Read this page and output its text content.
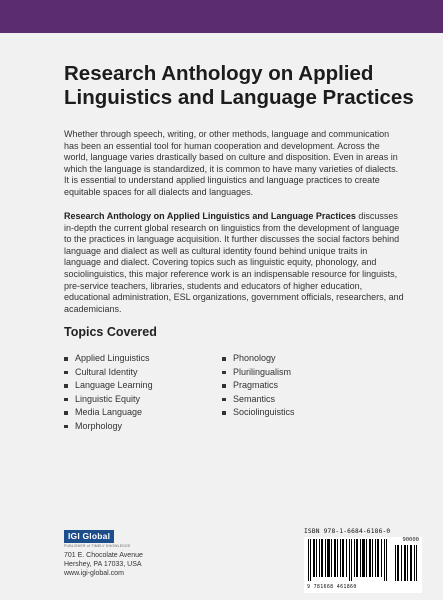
Research Anthology on Applied Linguistics and Language Practices

Whether through speech, writing, or other methods, language and communication has been an essential tool for human cooperation and development. Across the world, language varies drastically based on culture and disposition. Even in areas in which the language is standardized, it is common to have many varieties of dialects. It is essential to understand applied linguistics and language practices to create equitable spaces for all dialects and languages.

Research Anthology on Applied Linguistics and Language Practices discusses in-depth the current global research on linguistics from the development of language to the practices in language acquisition. It further discusses the social factors behind language and dialect as well as cultural identity found behind unique traits in language and dialect. Covering topics such as linguistic equity, phonology, and sociolinguistics, this major reference work is an indispensable resource for linguists, pre-service teachers, libraries, students and educators of higher education, educational administration, ESL organizations, government officials, researchers, and academicians.

Topics Covered
Applied Linguistics
Cultural Identity
Language Learning
Linguistic Equity
Media Language
Morphology
Phonology
Plurilingualism
Pragmatics
Semantics
Sociolinguistics
IGI Global
PUBLISHER of TIMELY KNOWLEDGE

701 E. Chocolate Avenue
Hershey, PA 17033, USA
www.igi-global.com

ISBN 978-1-6684-6186-0
90000
9 781668 461860
